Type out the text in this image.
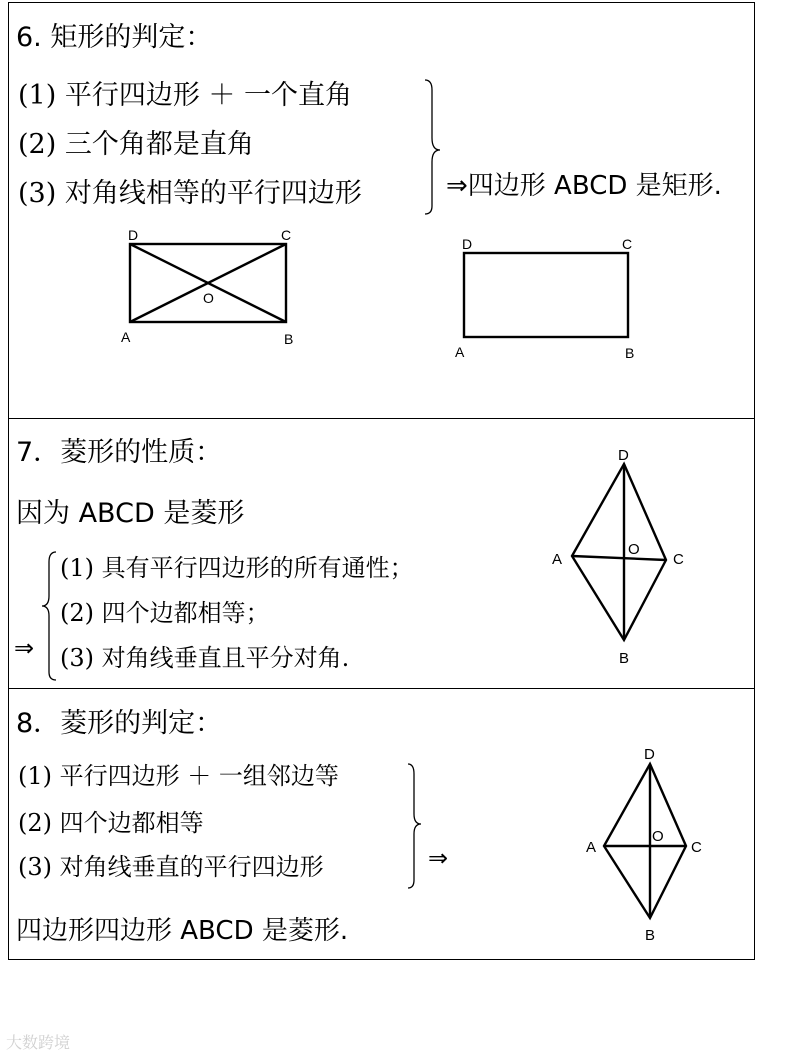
6. 矩形的判定：
(1) 平行四边形 ＋ 一个直角
(2) 三个角都是直角
(3) 对角线相等的平行四边形	⇒四边形 ABCD 是矩形.
D	C
A	B
O
D	C
A	B
7．菱形的性质：
因为 ABCD 是菱形
(1) 具有平行四边形的所有通性；
(2) 四个边都相等；
(3) 对角线垂直且平分对角.
⇒
D
C
A
B
O
8．菱形的判定：
(1) 平行四边形 ＋ 一组邻边等
(2) 四个边都相等
(3) 对角线垂直的平行四边形	⇒
四边形四边形 ABCD 是菱形.
D
C
A
B
O
大数跨境
